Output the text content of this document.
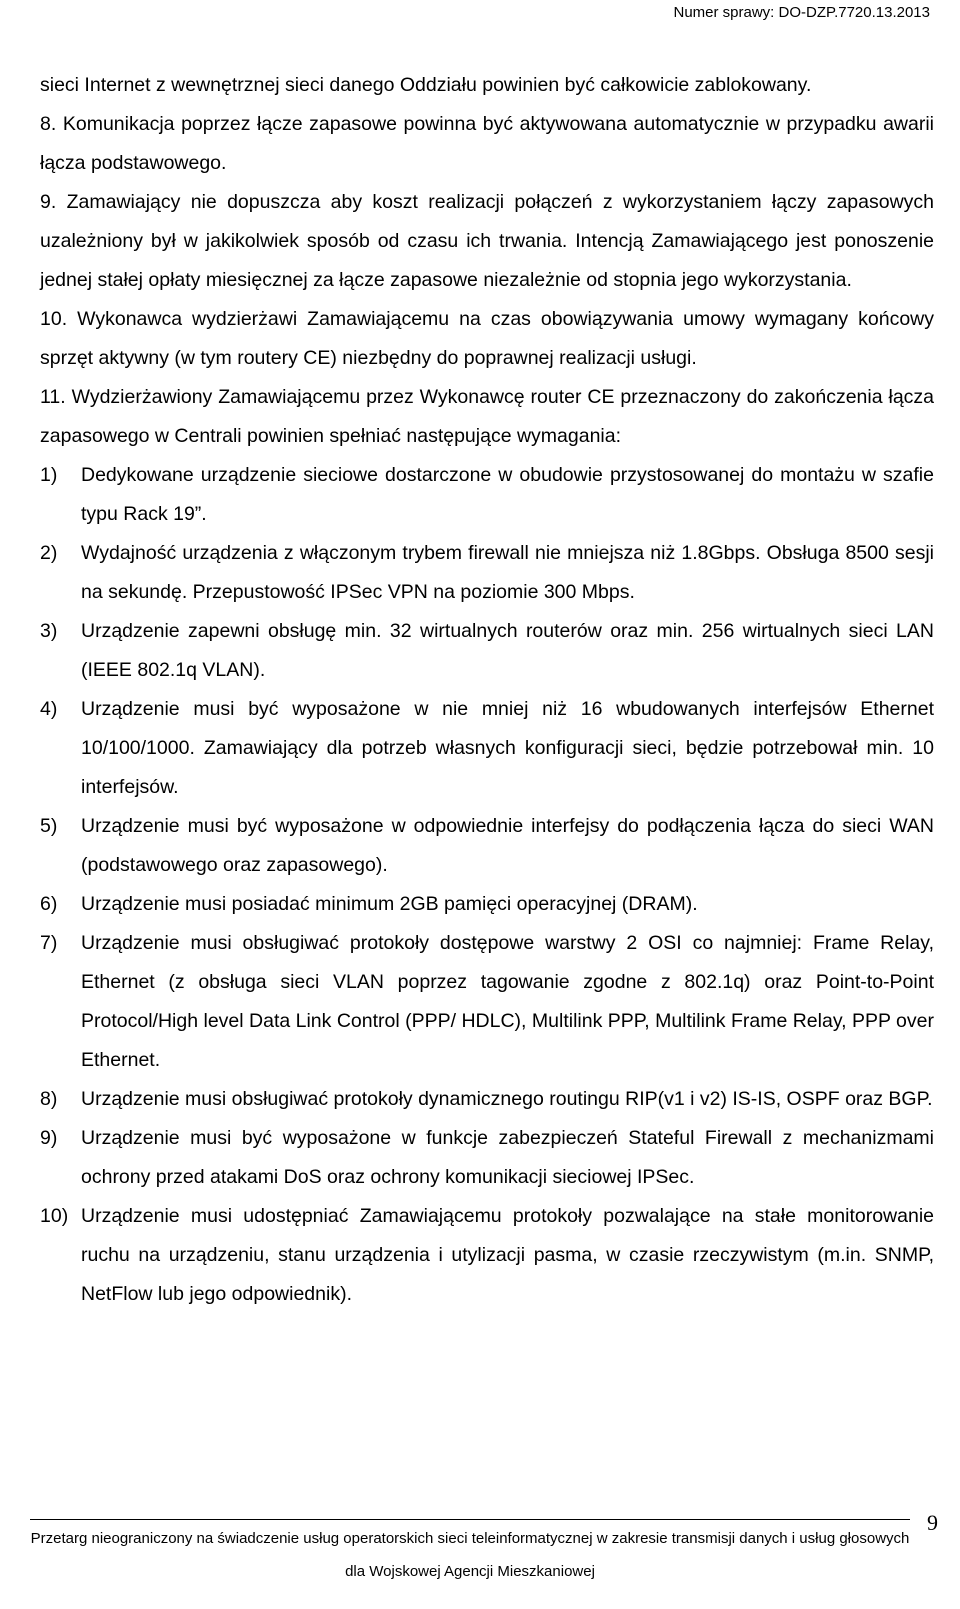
Numer sprawy: DO-DZP.7720.13.2013

sieci Internet z wewnętrznej sieci danego Oddziału powinien być całkowicie zablokowany.

8. Komunikacja poprzez łącze zapasowe powinna być aktywowana automatycznie w przypadku awarii łącza podstawowego.

9. Zamawiający nie dopuszcza aby koszt realizacji połączeń z wykorzystaniem łączy zapasowych uzależniony był w jakikolwiek sposób od czasu ich trwania. Intencją Zamawiającego jest ponoszenie jednej stałej opłaty miesięcznej za łącze zapasowe niezależnie od stopnia jego wykorzystania.

10. Wykonawca wydzierżawi Zamawiającemu na czas obowiązywania umowy wymagany końcowy sprzęt aktywny (w tym routery CE) niezbędny do poprawnej realizacji usługi.

11. Wydzierżawiony Zamawiającemu przez Wykonawcę router CE przeznaczony do zakończenia łącza zapasowego w Centrali powinien spełniać następujące wymagania:

1) Dedykowane urządzenie sieciowe dostarczone w obudowie przystosowanej do montażu w szafie typu Rack 19”.

2) Wydajność urządzenia z włączonym trybem firewall nie mniejsza niż 1.8Gbps. Obsługa 8500 sesji na sekundę. Przepustowość IPSec VPN na poziomie 300 Mbps.

3) Urządzenie zapewni obsługę min. 32 wirtualnych routerów oraz min. 256 wirtualnych sieci LAN (IEEE 802.1q VLAN).

4) Urządzenie musi być wyposażone w nie mniej niż 16 wbudowanych interfejsów Ethernet 10/100/1000. Zamawiający dla potrzeb własnych konfiguracji sieci, będzie potrzebował min. 10 interfejsów.

5) Urządzenie musi być wyposażone w odpowiednie interfejsy do podłączenia łącza do sieci WAN (podstawowego oraz zapasowego).

6) Urządzenie musi posiadać minimum 2GB pamięci operacyjnej (DRAM).

7) Urządzenie musi obsługiwać protokoły dostępowe warstwy 2 OSI co najmniej: Frame Relay, Ethernet (z obsługa sieci VLAN poprzez tagowanie zgodne z 802.1q) oraz Point-to-Point Protocol/High level Data Link Control (PPP/ HDLC), Multilink PPP, Multilink Frame Relay, PPP over Ethernet.

8) Urządzenie musi obsługiwać protokoły dynamicznego routingu RIP(v1 i v2) IS-IS, OSPF oraz BGP.

9) Urządzenie musi być wyposażone w funkcje zabezpieczeń Stateful Firewall z mechanizmami ochrony przed atakami DoS oraz ochrony komunikacji sieciowej IPSec.

10) Urządzenie musi udostępniać Zamawiającemu protokoły pozwalające na stałe monitorowanie ruchu na urządzeniu, stanu urządzenia i utylizacji pasma, w czasie rzeczywistym (m.in. SNMP, NetFlow lub jego odpowiednik).

Przetarg nieograniczony na świadczenie usług operatorskich sieci teleinformatycznej w zakresie transmisji danych i usług głosowych dla Wojskowej Agencji Mieszkaniowej
9
